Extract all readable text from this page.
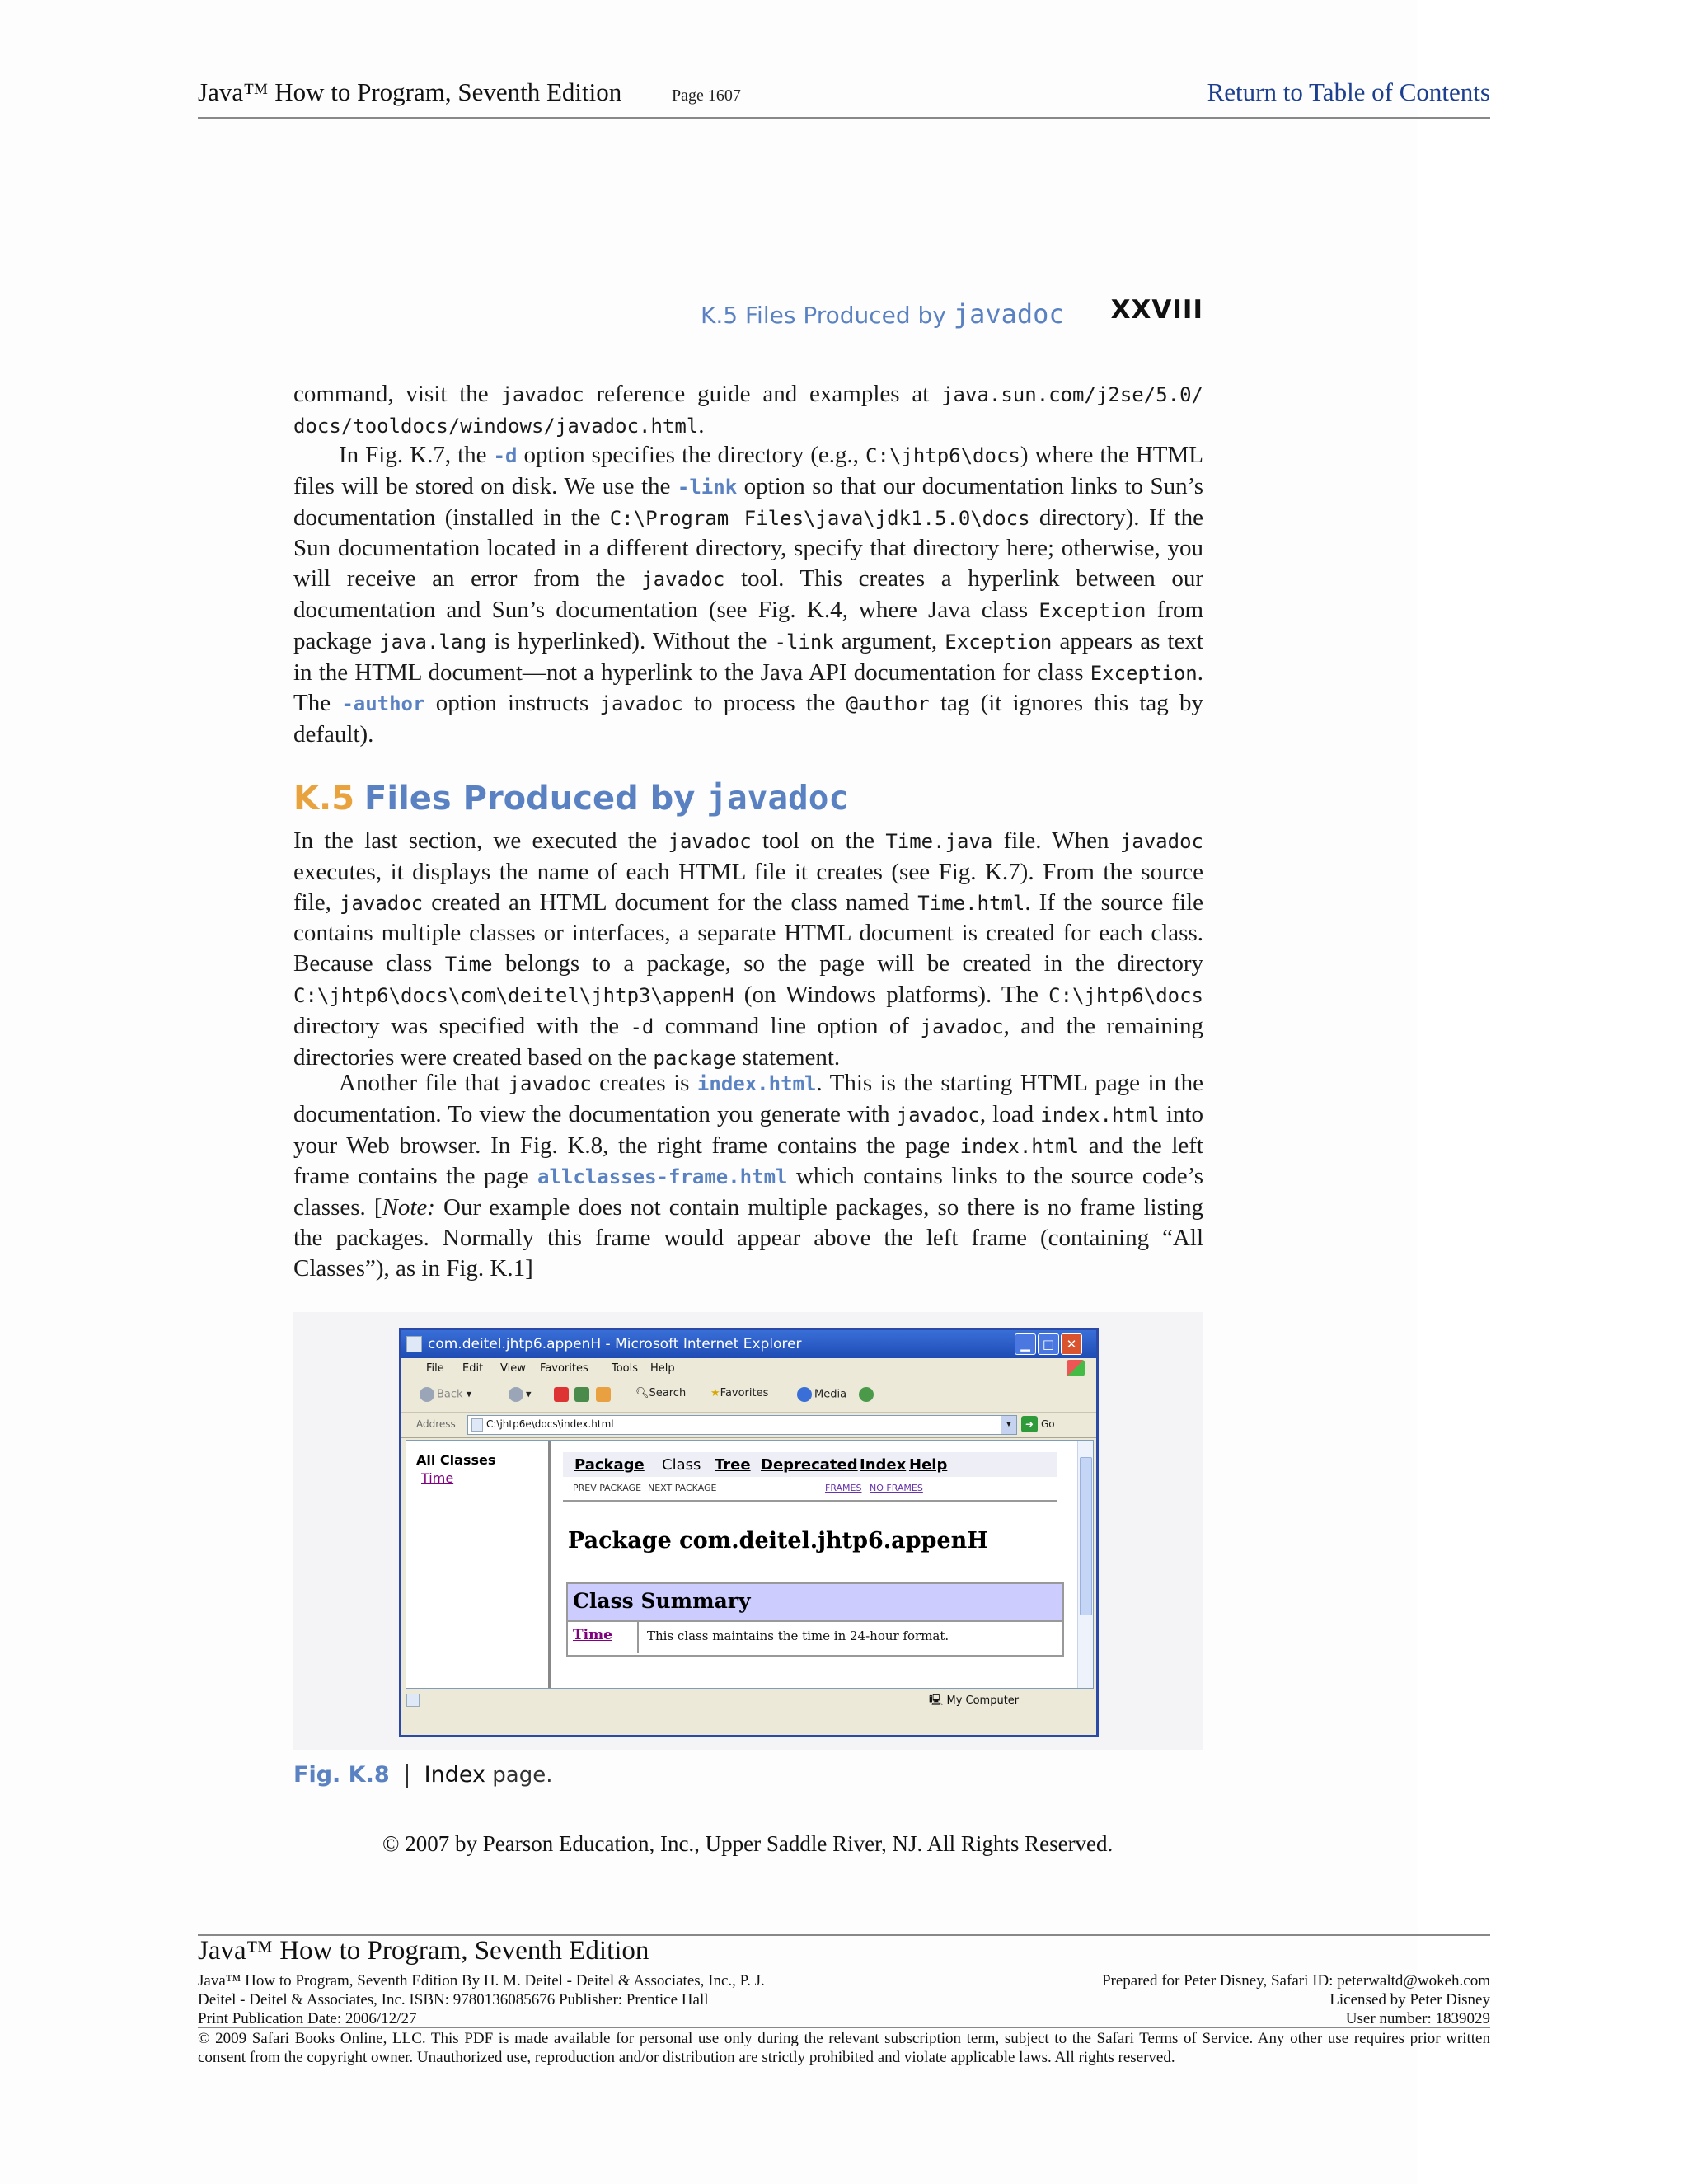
Java™ How to Program, Seventh Edition	Page 1607	Return to Table of Contents
K.5 Files Produced by javadoc XXVIII
command, visit the javadoc reference guide and examples at java.sun.com/j2se/5.0/ docs/tooldocs/windows/javadoc.html.
In Fig. K.7, the -d option specifies the directory (e.g., C:\jhtp6\docs) where the HTML files will be stored on disk. We use the -link option so that our documentation links to Sun’s documentation (installed in the C:\Program Files\java\jdk1.5.0\docs directory). If the Sun documentation located in a different directory, specify that directory here; otherwise, you will receive an error from the javadoc tool. This creates a hyperlink between our documentation and Sun’s documentation (see Fig. K.4, where Java class Exception from package java.lang is hyperlinked). Without the -link argument, Exception appears as text in the HTML document—not a hyperlink to the Java API documentation for class Exception. The -author option instructs javadoc to process the @author tag (it ignores this tag by default).
K.5 Files Produced by javadoc
In the last section, we executed the javadoc tool on the Time.java file. When javadoc executes, it displays the name of each HTML file it creates (see Fig. K.7). From the source file, javadoc created an HTML document for the class named Time.html. If the source file contains multiple classes or interfaces, a separate HTML document is created for each class. Because class Time belongs to a package, so the page will be created in the directory C:\jhtp6\docs\com\deitel\jhtp3\appenH (on Windows platforms). The C:\jhtp6\docs directory was specified with the -d command line option of javadoc, and the remaining directories were created based on the package statement.
Another file that javadoc creates is index.html. This is the starting HTML page in the documentation. To view the documentation you generate with javadoc, load index.html into your Web browser. In Fig. K.8, the right frame contains the page index.html and the left frame contains the page allclasses-frame.html which contains links to the source code’s classes. [Note: Our example does not contain multiple packages, so there is no frame listing the packages. Normally this frame would appear above the left frame (containing “All Classes”), as in Fig. K.1]
com.deitel.jhtp6.appenH - Microsoft Internet Explorer	▁	□ ✕
File Edit View Favorites Tools Help
Back ▾	▾	🔍︎Search ★Favorites	Media
Address	C:\jhtp6e\docs\index.html	▼	➜ Go
All Classes
Time
Package Class Tree Deprecated Index Help
PREV PACKAGE NEXT PACKAGE	FRAMES NO FRAMES
Package com.deitel.jhtp6.appenH
Class Summary
Time	This class maintains the time in 24-hour format.
🖳 My Computer
Fig. K.8 Index page.
© 2007 by Pearson Education, Inc., Upper Saddle River, NJ. All Rights Reserved.
Java™ How to Program, Seventh Edition
Java™ How to Program, Seventh Edition By H. M. Deitel - Deitel & Associates, Inc., P. J.
Deitel - Deitel & Associates, Inc. ISBN: 9780136085676 Publisher: Prentice Hall
Print Publication Date: 2006/12/27
Prepared for Peter Disney, Safari ID: peterwaltd@wokeh.com
Licensed by Peter Disney
User number: 1839029
© 2009 Safari Books Online, LLC. This PDF is made available for personal use only during the relevant subscription term, subject to the Safari Terms of Service. Any other use requires prior written consent from the copyright owner. Unauthorized use, reproduction and/or distribution are strictly prohibited and violate applicable laws. All rights reserved.
